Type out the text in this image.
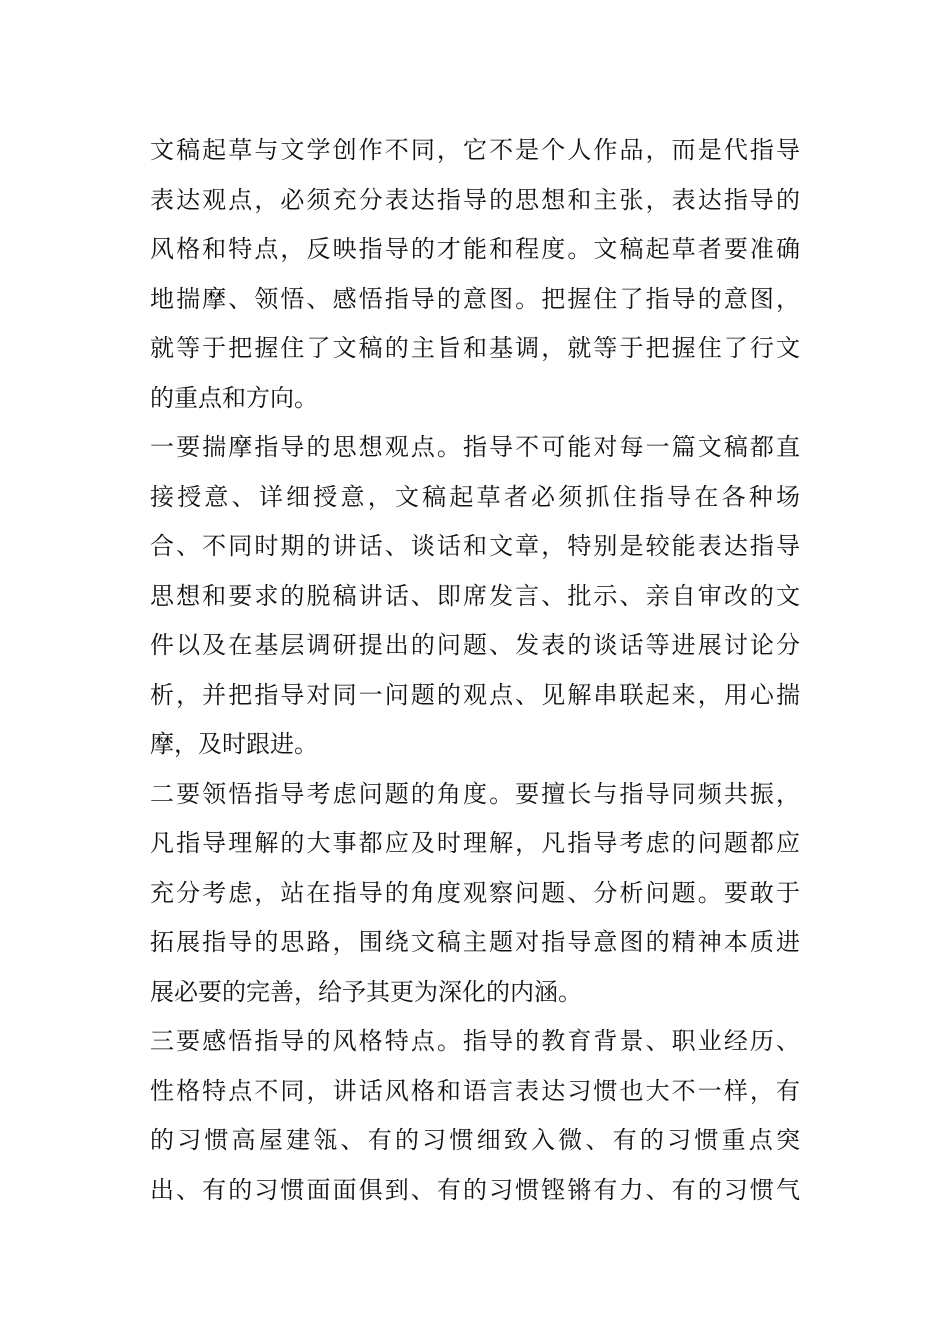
文稿起草与文学创作不同，它不是个人作品，而是代指导
表达观点，必须充分表达指导的思想和主张，表达指导的
风格和特点，反映指导的才能和程度。文稿起草者要准确
地揣摩、领悟、感悟指导的意图。把握住了指导的意图，
就等于把握住了文稿的主旨和基调，就等于把握住了行文
的重点和方向。
一要揣摩指导的思想观点。指导不可能对每一篇文稿都直
接授意、详细授意，文稿起草者必须抓住指导在各种场
合、不同时期的讲话、谈话和文章，特别是较能表达指导
思想和要求的脱稿讲话、即席发言、批示、亲自审改的文
件以及在基层调研提出的问题、发表的谈话等进展讨论分
析，并把指导对同一问题的观点、见解串联起来，用心揣
摩，及时跟进。
二要领悟指导考虑问题的角度。要擅长与指导同频共振，
凡指导理解的大事都应及时理解，凡指导考虑的问题都应
充分考虑，站在指导的角度观察问题、分析问题。要敢于
拓展指导的思路，围绕文稿主题对指导意图的精神本质进
展必要的完善，给予其更为深化的内涵。
三要感悟指导的风格特点。指导的教育背景、职业经历、
性格特点不同，讲话风格和语言表达习惯也大不一样，有
的习惯高屋建瓴、有的习惯细致入微、有的习惯重点突
出、有的习惯面面俱到、有的习惯铿锵有力、有的习惯气
